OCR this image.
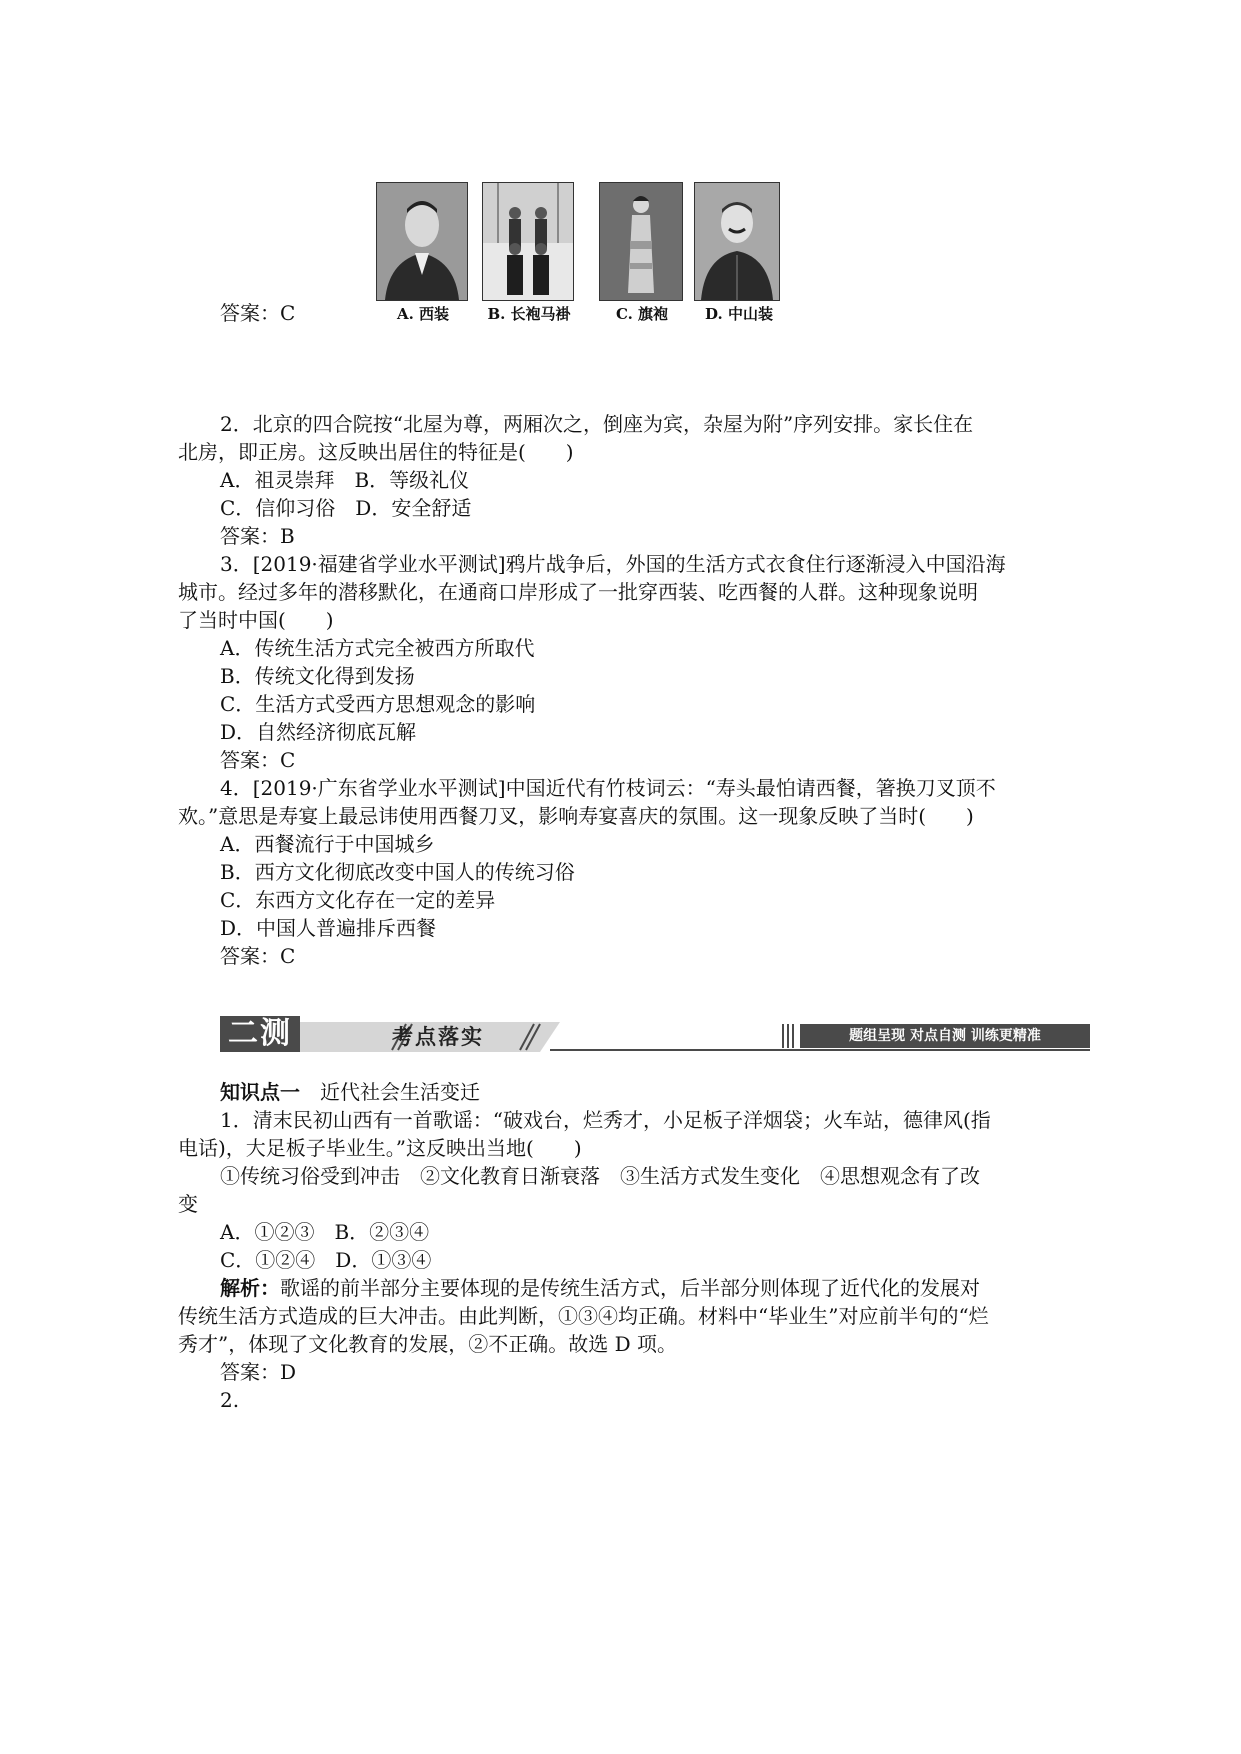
A. 西装	B. 长袍马褂	C. 旗袍	D. 中山装
答案：C
2．北京的四合院按“北屋为尊，两厢次之，倒座为宾，杂屋为附”序列安排。家长住在
北房，即正房。这反映出居住的特征是(　　)
A．祖灵崇拜　B．等级礼仪
C．信仰习俗　D．安全舒适
答案：B
3．[2019·福建省学业水平测试]鸦片战争后，外国的生活方式衣食住行逐渐浸入中国沿海
城市。经过多年的潜移默化，在通商口岸形成了一批穿西装、吃西餐的人群。这种现象说明
了当时中国(　　)
A．传统生活方式完全被西方所取代
B．传统文化得到发扬
C．生活方式受西方思想观念的影响
D．自然经济彻底瓦解
答案：C
4．[2019·广东省学业水平测试]中国近代有竹枝词云：“寿头最怕请西餐，箸换刀叉顶不
欢。”意思是寿宴上最忌讳使用西餐刀叉，影响寿宴喜庆的氛围。这一现象反映了当时(　　)
A．西餐流行于中国城乡
B．西方文化彻底改变中国人的传统习俗
C．东西方文化存在一定的差异
D．中国人普遍排斥西餐
答案：C
二测	考点落实	题组呈现 对点自测 训练更精准
知识点一　 近代社会生活变迁
1．清末民初山西有一首歌谣：“破戏台，烂秀才，小足板子洋烟袋；火车站，德律风(指
电话)，大足板子毕业生。”这反映出当地(　　)
①传统习俗受到冲击　②文化教育日渐衰落　③生活方式发生变化　④思想观念有了改
变
A．①②③　B．②③④
C．①②④　D．①③④
解析：歌谣的前半部分主要体现的是传统生活方式，后半部分则体现了近代化的发展对
传统生活方式造成的巨大冲击。由此判断，①③④均正确。材料中“毕业生”对应前半句的“烂
秀才”，体现了文化教育的发展，②不正确。故选 D 项。
答案：D
2.
